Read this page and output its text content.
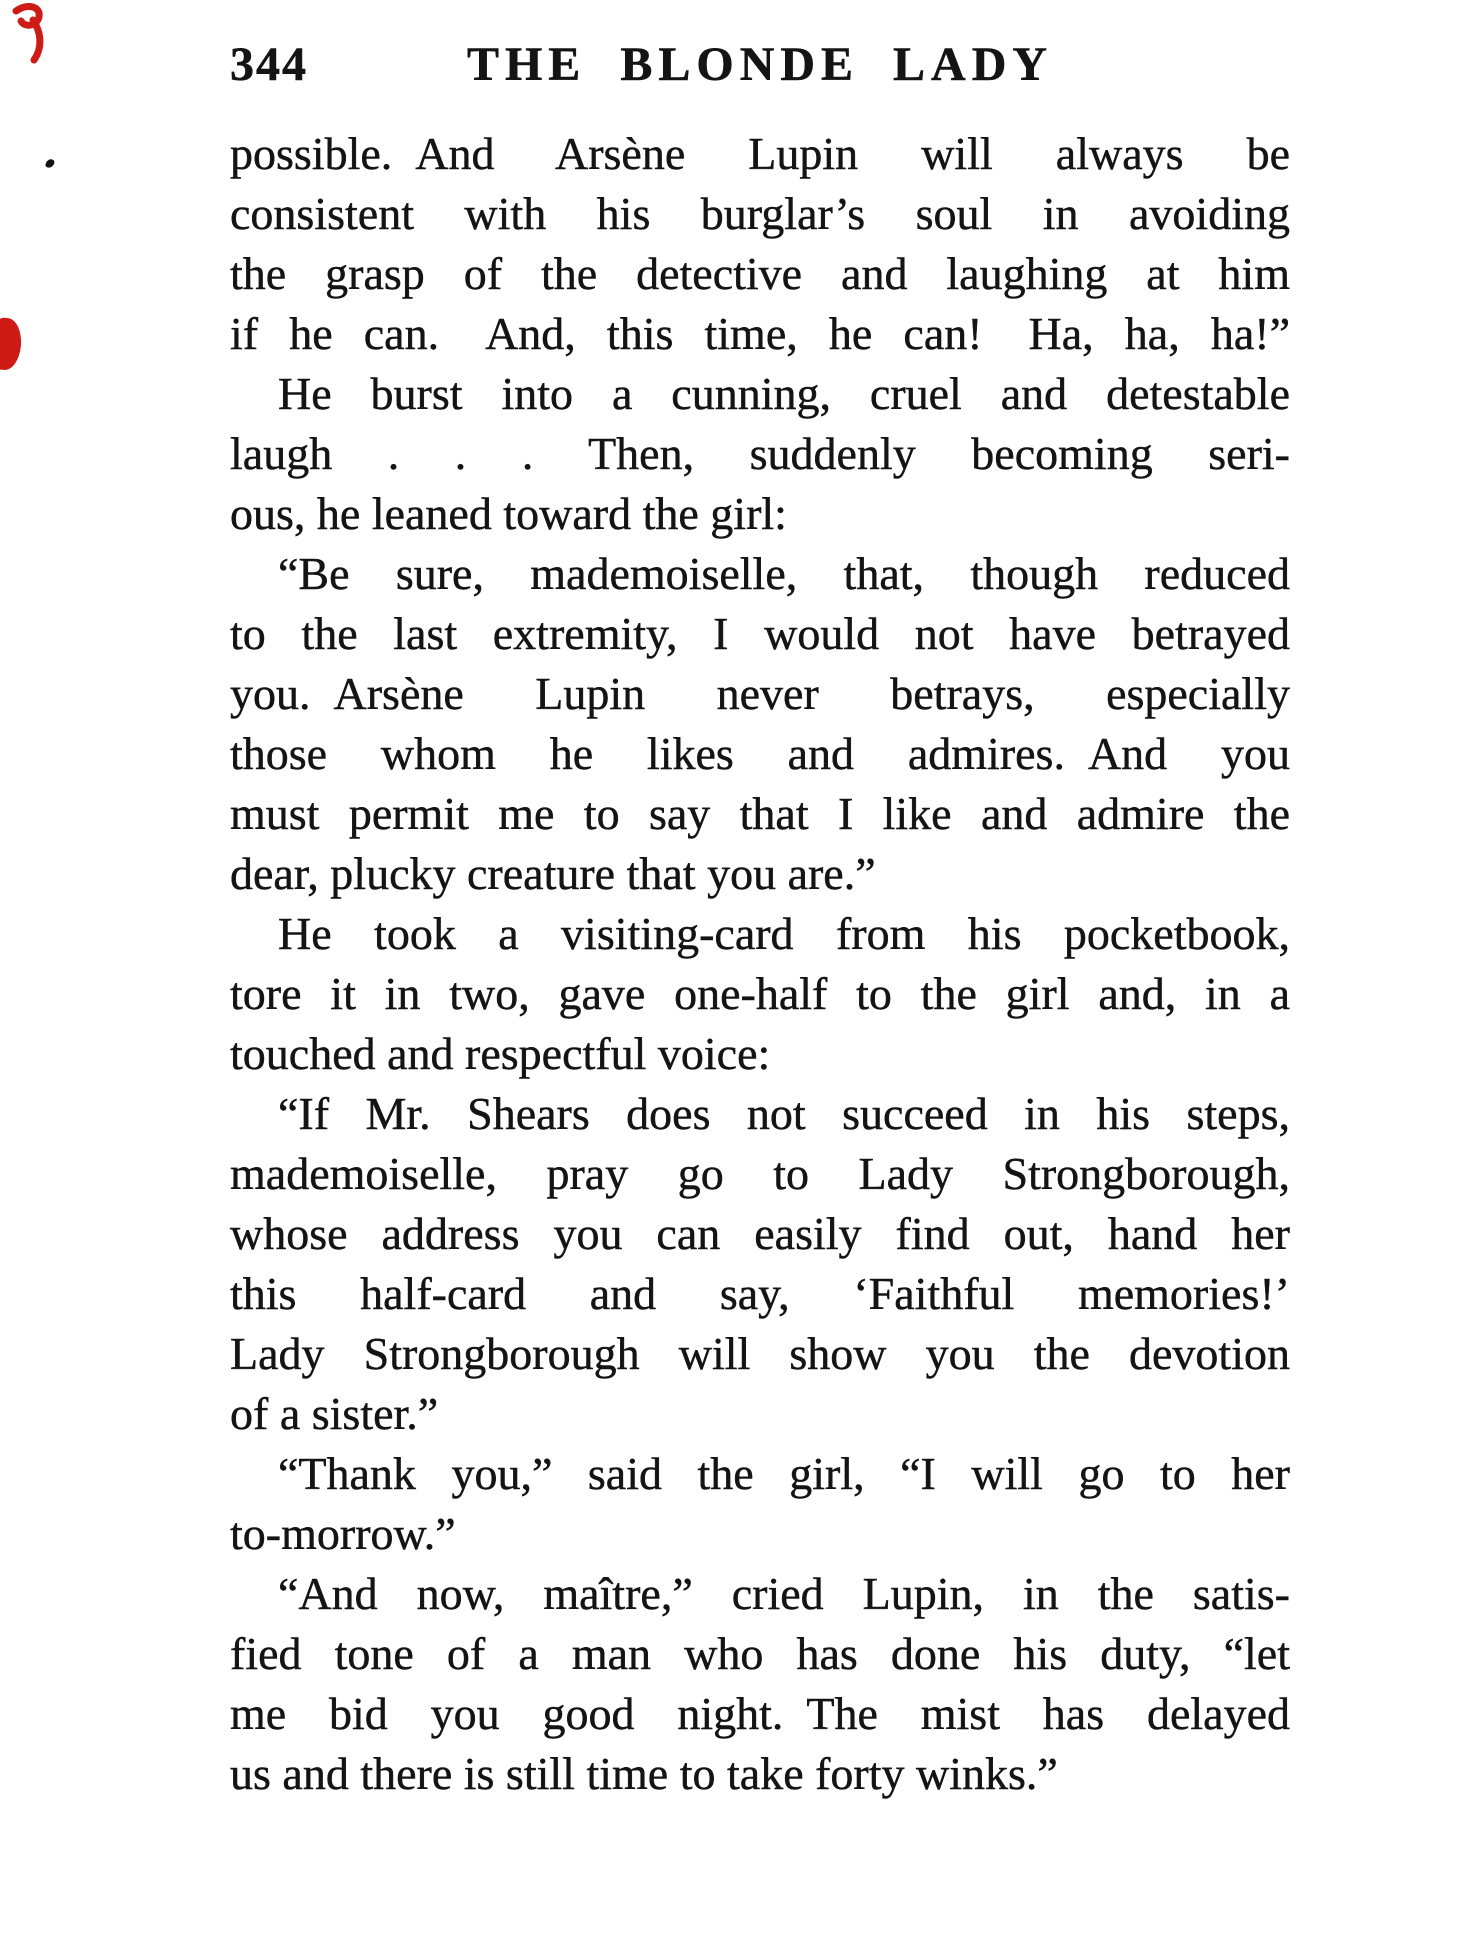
344	THE BLONDE LADY
possible. And Arsène Lupin will always be
consistent with his burglar’s soul in avoiding
the grasp of the detective and laughing at him
if he can. And, this time, he can! Ha, ha, ha!”
He burst into a cunning, cruel and detestable
laugh . . . Then, suddenly becoming seri-
ous, he leaned toward the girl:
“Be sure, mademoiselle, that, though reduced
to the last extremity, I would not have betrayed
you. Arsène Lupin never betrays, especially
those whom he likes and admires. And you
must permit me to say that I like and admire the
dear, plucky creature that you are.”
He took a visiting-card from his pocketbook,
tore it in two, gave one-half to the girl and, in a
touched and respectful voice:
“If Mr. Shears does not succeed in his steps,
mademoiselle, pray go to Lady Strongborough,
whose address you can easily find out, hand her
this half-card and say, ‘Faithful memories!’
Lady Strongborough will show you the devotion
of a sister.”
“Thank you,” said the girl, “I will go to her
to-morrow.”
“And now, maître,” cried Lupin, in the satis-
fied tone of a man who has done his duty, “let
me bid you good night. The mist has delayed
us and there is still time to take forty winks.”
